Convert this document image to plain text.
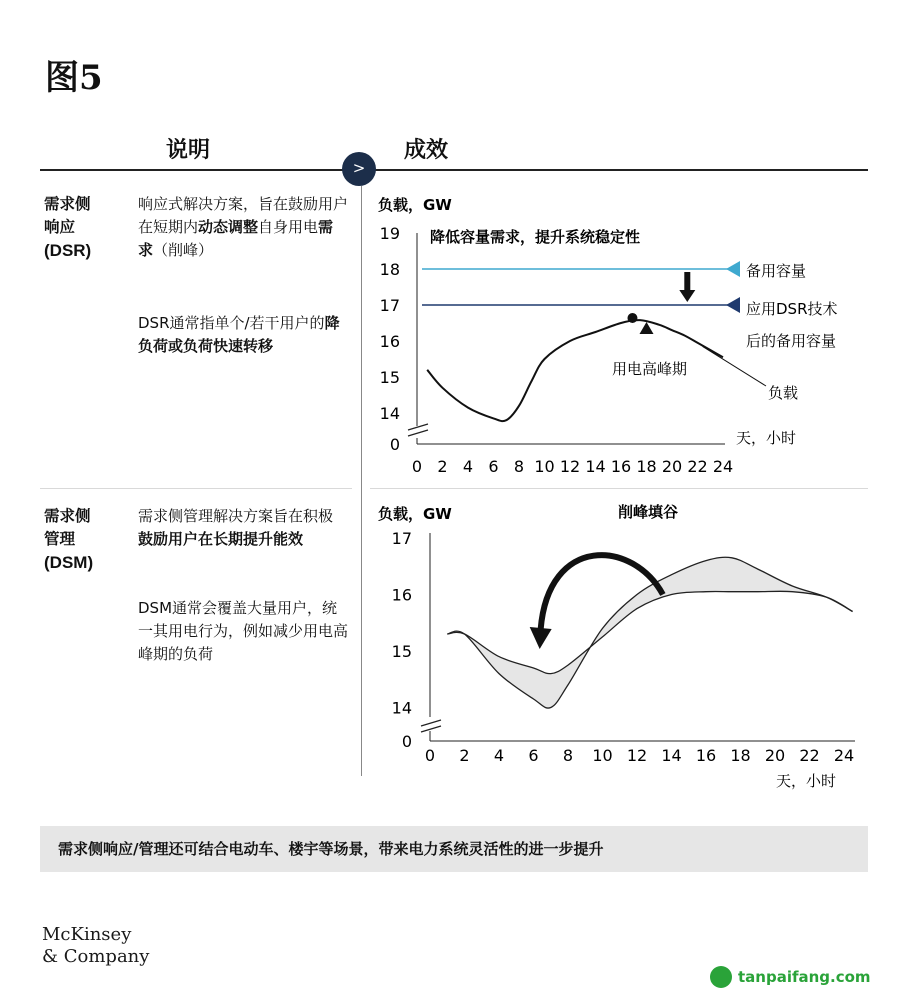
图5
说明	成效
>
需求侧
响应
(DSR)
响应式解决方案，旨在鼓励用户在短期内动态调整自身用电需求（削峰）
DSR通常指单个/若干用户的降负荷或负荷快速转移
需求侧
管理
(DSM)
需求侧管理解决方案旨在积极鼓励用户在长期提升能效
DSM通常会覆盖大量用户，统一其用电行为，例如减少用电高峰期的负荷
负载，GW
降低容量需求，提升系统稳定性
0
14
15
16
17
18
19
0 2 4 6 8 10 12 14 16 18 20 22 24
用电高峰期
负载
备用容量
应用DSR技术
后的备用容量
天，小时
负载，GW	削峰填谷
0
14
15
16
17
0 2 4 6 8 10 12 14 16 18 20 22 24
天，小时
需求侧响应/管理还可结合电动车、楼宇等场景，带来电力系统灵活性的进一步提升
McKinsey
& Company
tanpaifang.com
